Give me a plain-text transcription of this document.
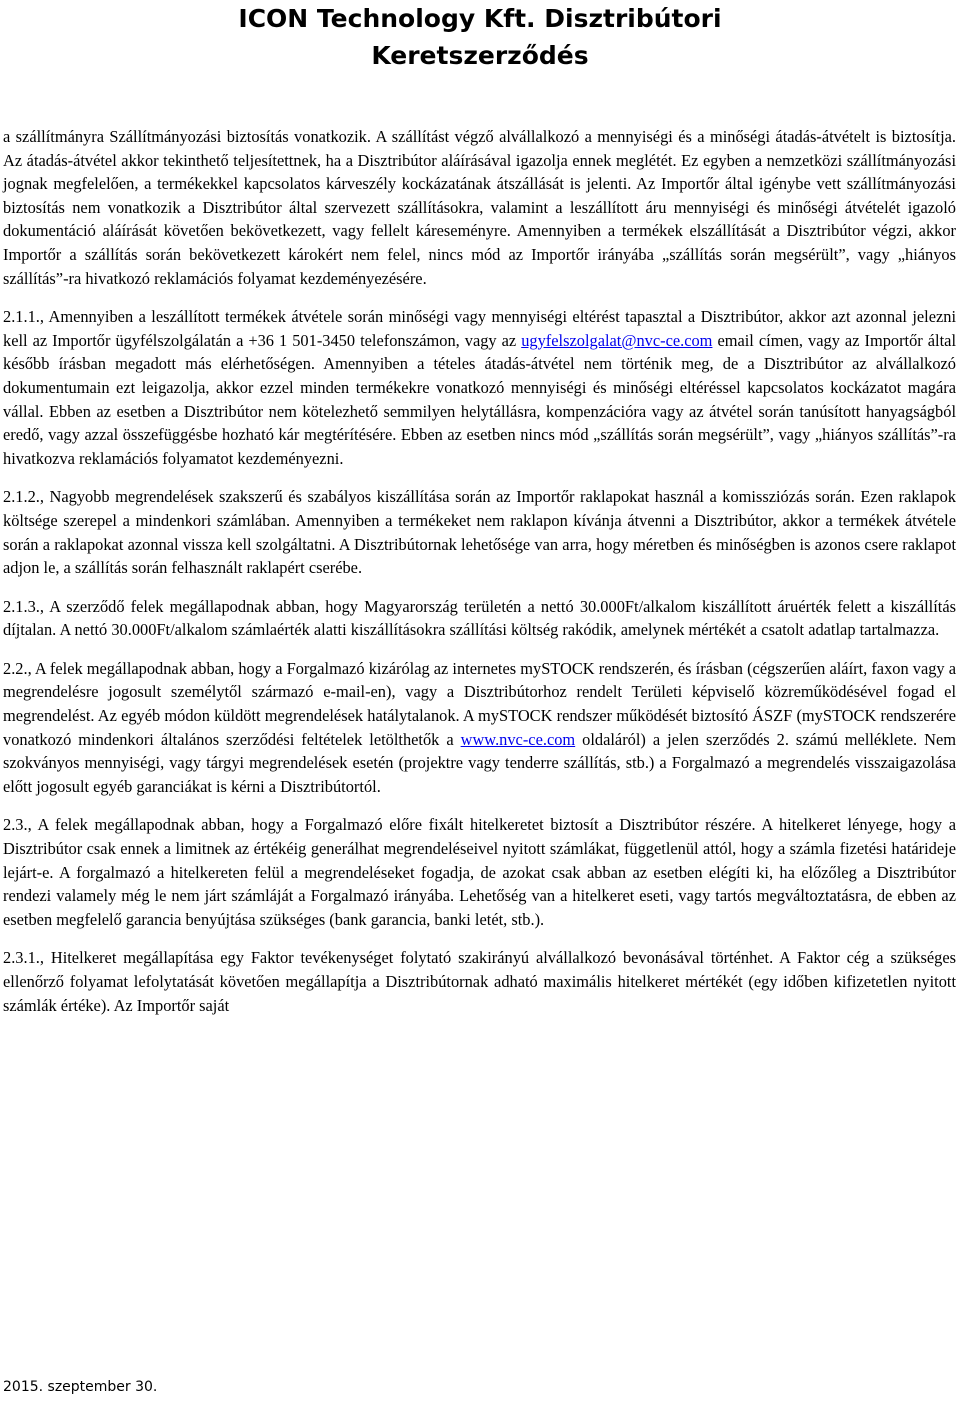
ICON Technology Kft. Disztribútori
Keretszerződés

a szállítmányra Szállítmányozási biztosítás vonatkozik. A szállítást végző alvállalkozó a mennyiségi és a minőségi átadás-átvételt is biztosítja. Az átadás-átvétel akkor tekinthető teljesítettnek, ha a Disztribútor aláírásával igazolja ennek meglétét. Ez egyben a nemzetközi szállítmányozási jognak megfelelően, a termékekkel kapcsolatos kárveszély kockázatának átszállását is jelenti. Az Importőr által igénybe vett szállítmányozási biztosítás nem vonatkozik a Disztribútor által szervezett szállításokra, valamint a leszállított áru mennyiségi és minőségi átvételét igazoló dokumentáció aláírását követően bekövetkezett, vagy fellelt káreseményre. Amennyiben a termékek elszállítását a Disztribútor végzi, akkor Importőr a szállítás során bekövetkezett károkért nem felel, nincs mód az Importőr irányába „szállítás során megsérült”, vagy „hiányos szállítás”-ra hivatkozó reklamációs folyamat kezdeményezésére.

2.1.1., Amennyiben a leszállított termékek átvétele során minőségi vagy mennyiségi eltérést tapasztal a Disztribútor, akkor azt azonnal jelezni kell az Importőr ügyfélszolgálatán a +36 1 501-3450 telefonszámon, vagy az ugyfelszolgalat@nvc-ce.com email címen, vagy az Importőr által később írásban megadott más elérhetőségen. Amennyiben a tételes átadás-átvétel nem történik meg, de a Disztribútor az alvállalkozó dokumentumain ezt leigazolja, akkor ezzel minden termékekre vonatkozó mennyiségi és minőségi eltéréssel kapcsolatos kockázatot magára vállal. Ebben az esetben a Disztribútor nem kötelezhető semmilyen helytállásra, kompenzációra vagy az átvétel során tanúsított hanyagságból eredő, vagy azzal összefüggésbe hozható kár megtérítésére. Ebben az esetben nincs mód „szállítás során megsérült”, vagy „hiányos szállítás”-ra hivatkozva reklamációs folyamatot kezdeményezni.

2.1.2., Nagyobb megrendelések szakszerű és szabályos kiszállítása során az Importőr raklapokat használ a komissziózás során. Ezen raklapok költsége szerepel a mindenkori számlában. Amennyiben a termékeket nem raklapon kívánja átvenni a Disztribútor, akkor a termékek átvétele során a raklapokat azonnal vissza kell szolgáltatni. A Disztribútornak lehetősége van arra, hogy méretben és minőségben is azonos csere raklapot adjon le, a szállítás során felhasznált raklapért cserébe.

2.1.3., A szerződő felek megállapodnak abban, hogy Magyarország területén a nettó 30.000Ft/alkalom kiszállított áruérték felett a kiszállítás díjtalan. A nettó 30.000Ft/alkalom számlaérték alatti kiszállításokra szállítási költség rakódik, amelynek mértékét a csatolt adatlap tartalmazza.

2.2., A felek megállapodnak abban, hogy a Forgalmazó kizárólag az internetes mySTOCK rendszerén, és írásban (cégszerűen aláírt, faxon vagy a megrendelésre jogosult személytől származó e-mail-en), vagy a Disztribútorhoz rendelt Területi képviselő közreműködésével fogad el megrendelést. Az egyéb módon küldött megrendelések hatálytalanok. A mySTOCK rendszer működését biztosító ÁSZF (mySTOCK rendszerére vonatkozó mindenkori általános szerződési feltételek letölthetők a www.nvc-ce.com oldaláról) a jelen szerződés 2. számú melléklete. Nem szokványos mennyiségi, vagy tárgyi megrendelések esetén (projektre vagy tenderre szállítás, stb.) a Forgalmazó a megrendelés visszaigazolása előtt jogosult egyéb garanciákat is kérni a Disztribútortól.

2.3., A felek megállapodnak abban, hogy a Forgalmazó előre fixált hitelkeretet biztosít a Disztribútor részére. A hitelkeret lényege, hogy a Disztribútor csak ennek a limitnek az értékéig generálhat megrendeléseivel nyitott számlákat, függetlenül attól, hogy a számla fizetési határideje lejárt-e. A forgalmazó a hitelkereten felül a megrendeléseket fogadja, de azokat csak abban az esetben elégíti ki, ha előzőleg a Disztribútor rendezi valamely még le nem járt számláját a Forgalmazó irányába. Lehetőség van a hitelkeret eseti, vagy tartós megváltoztatásra, de ebben az esetben megfelelő garancia benyújtása szükséges (bank garancia, banki letét, stb.).

2.3.1., Hitelkeret megállapítása egy Faktor tevékenységet folytató szakirányú alvállalkozó bevonásával történhet. A Faktor cég a szükséges ellenőrző folyamat lefolytatását követően megállapítja a Disztribútornak adható maximális hitelkeret mértékét (egy időben kifizetetlen nyitott számlák értéke). Az Importőr saját

2015. szeptember 30.
